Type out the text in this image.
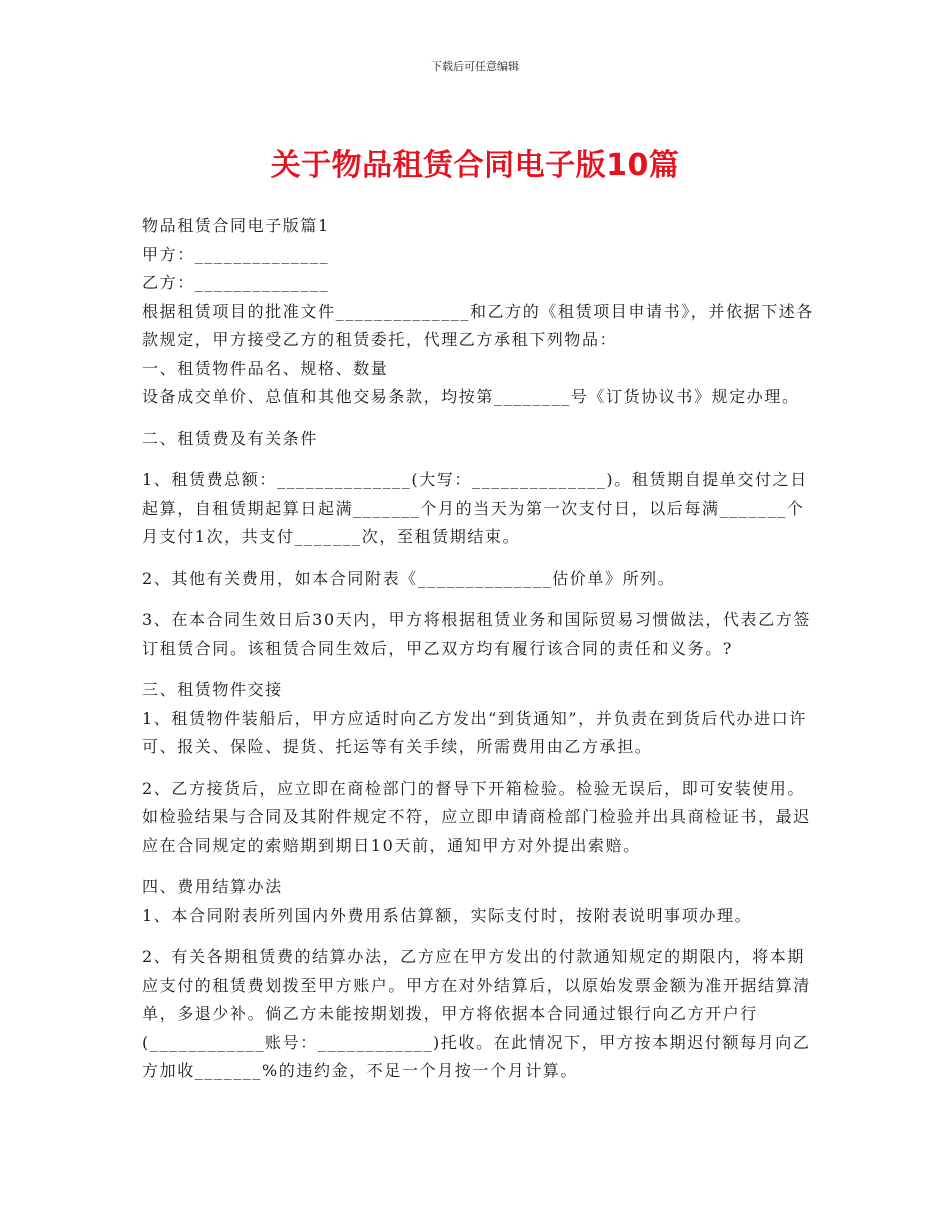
下载后可任意编辑
关于物品租赁合同电子版10篇

物品租赁合同电子版篇1

甲方：______________

乙方：______________

根据租赁项目的批准文件______________和乙方的《租赁项目申请书》，并依据下述各款规定，甲方接受乙方的租赁委托，代理乙方承租下列物品：

一、租赁物件品名、规格、数量

设备成交单价、总值和其他交易条款，均按第________号《订货协议书》规定办理。

二、租赁费及有关条件

1、租赁费总额：______________(大写：______________)。租赁期自提单交付之日起算，自租赁期起算日起满_______个月的当天为第一次支付日，以后每满_______个月支付1次，共支付_______次，至租赁期结束。

2、其他有关费用，如本合同附表《______________估价单》所列。

3、在本合同生效日后30天内，甲方将根据租赁业务和国际贸易习惯做法，代表乙方签订租赁合同。该租赁合同生效后，甲乙双方均有履行该合同的责任和义务。?

三、租赁物件交接

1、租赁物件装船后，甲方应适时向乙方发出“到货通知”，并负责在到货后代办进口许可、报关、保险、提货、托运等有关手续，所需费用由乙方承担。

2、乙方接货后，应立即在商检部门的督导下开箱检验。检验无误后，即可安装使用。如检验结果与合同及其附件规定不符，应立即申请商检部门检验并出具商检证书，最迟应在合同规定的索赔期到期日10天前，通知甲方对外提出索赔。

四、费用结算办法

1、本合同附表所列国内外费用系估算额，实际支付时，按附表说明事项办理。

2、有关各期租赁费的结算办法，乙方应在甲方发出的付款通知规定的期限内，将本期应支付的租赁费划拨至甲方账户。甲方在对外结算后，以原始发票金额为准开据结算清单，多退少补。倘乙方未能按期划拨，甲方将依据本合同通过银行向乙方开户行(____________账号：____________)托收。在此情况下，甲方按本期迟付额每月向乙方加收_______%的违约金，不足一个月按一个月计算。
